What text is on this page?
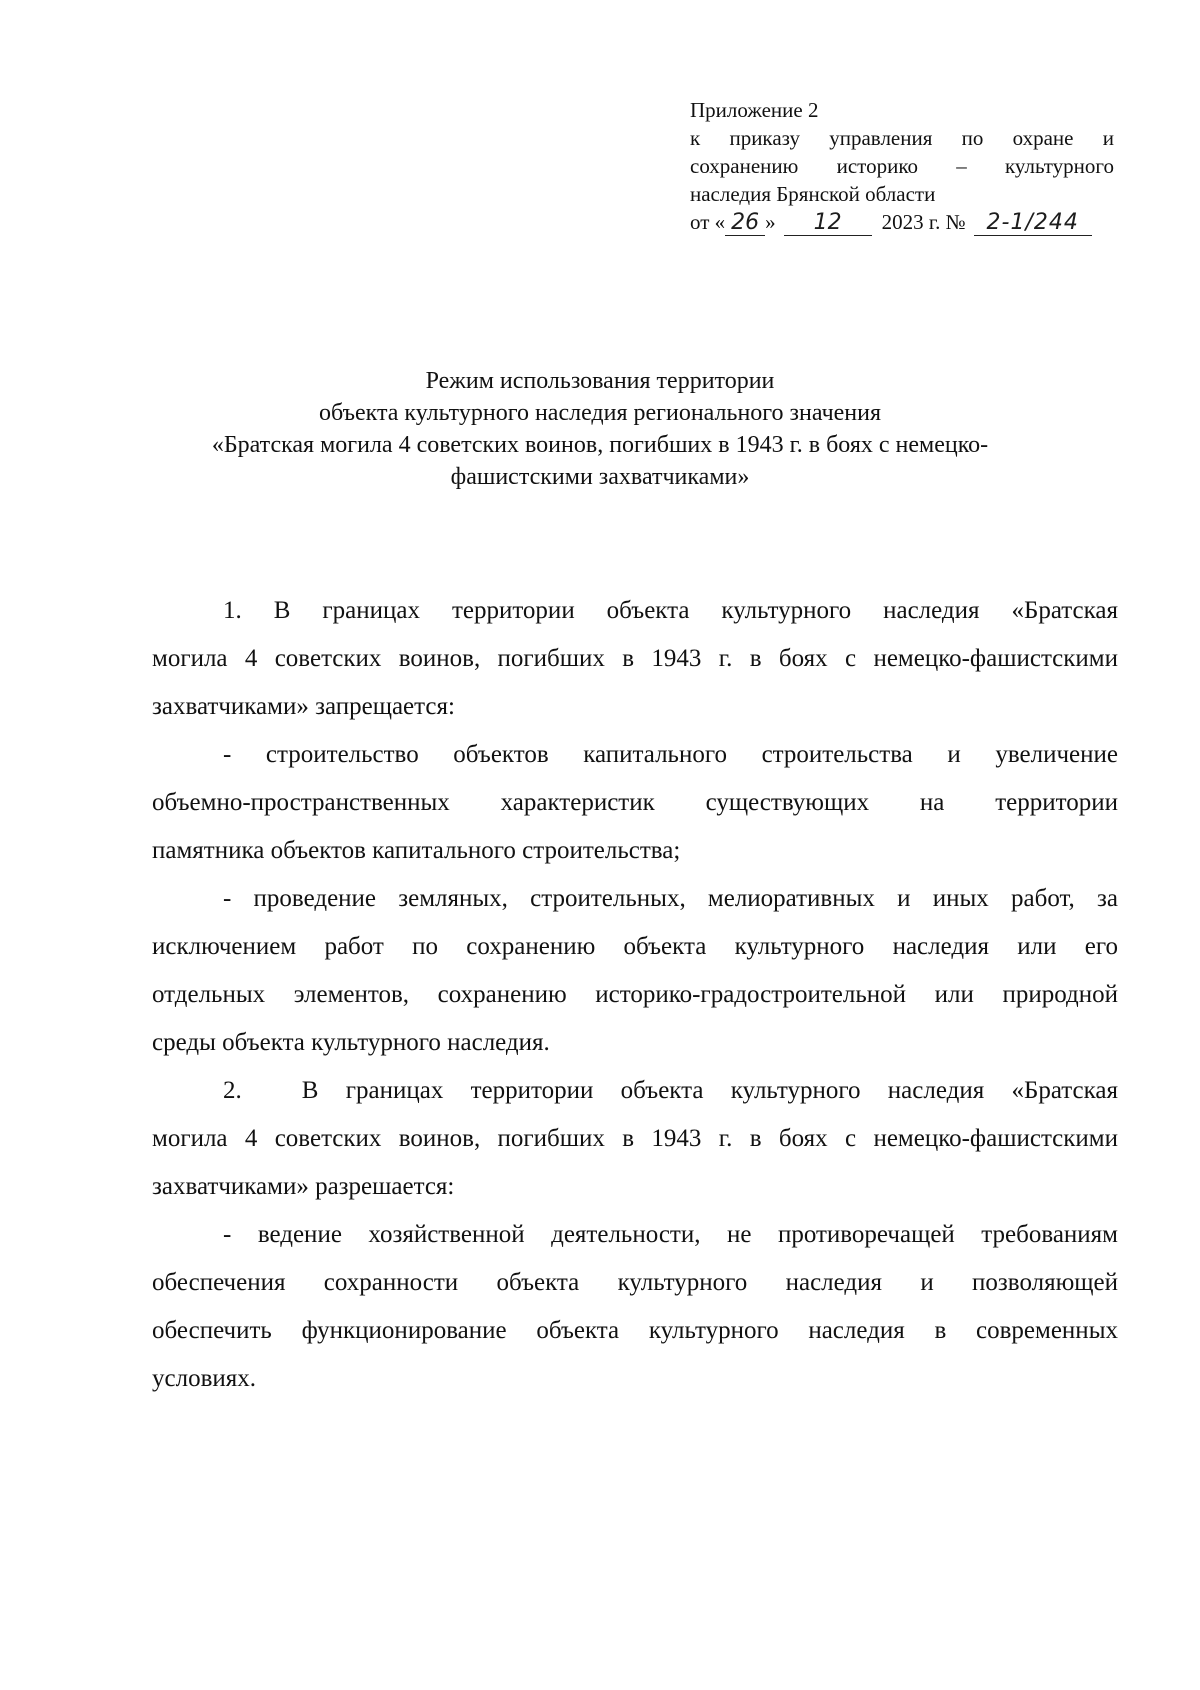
Приложение 2
к приказу управления по охране и
сохранению историко – культурного
наследия Брянской области
от « 26 »	12	2023 г. № 2-1/244
Режим использования территории
объекта культурного наследия регионального значения
«Братская могила 4 советских воинов, погибших в 1943 г. в боях с немецко-
фашистскими захватчиками»
1. В границах территории объекта культурного наследия «Братская
могила 4 советских воинов, погибших в 1943 г. в боях с немецко-фашистскими
захватчиками» запрещается:
- строительство объектов капитального строительства и увеличение
объемно-пространственных характеристик существующих на территории
памятника объектов капитального строительства;
- проведение земляных, строительных, мелиоративных и иных работ, за
исключением работ по сохранению объекта культурного наследия или его
отдельных элементов, сохранению историко-градостроительной или природной
среды объекта культурного наследия.
2. В границах территории объекта культурного наследия «Братская
могила 4 советских воинов, погибших в 1943 г. в боях с немецко-фашистскими
захватчиками» разрешается:
- ведение хозяйственной деятельности, не противоречащей требованиям
обеспечения сохранности объекта культурного наследия и позволяющей
обеспечить функционирование объекта культурного наследия в современных
условиях.
